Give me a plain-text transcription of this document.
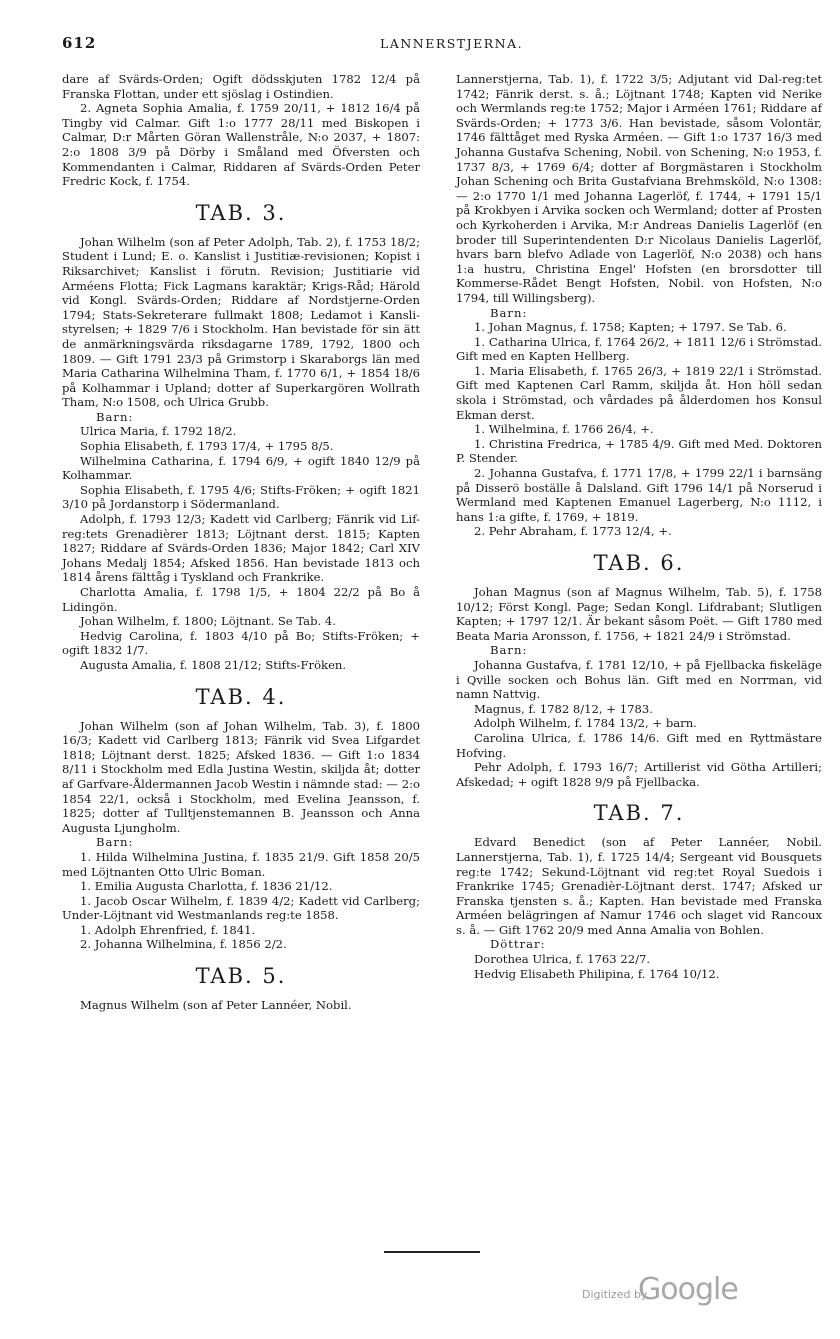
612	LANNERSTJERNA.

dare af Svärds-Orden; Ogift dödsskjuten 1782 12/4 på Franska Flottan, under ett sjöslag i Ostindien.

2. Agneta Sophia Amalia, f. 1759 20/11, + 1812 16/4 på Tingby vid Calmar. Gift 1:o 1777 28/11 med Biskopen i Calmar, D:r Mårten Göran Wallenstråle, N:o 2037, + 1807: 2:o 1808 3/9 på Dörby i Småland med Öfversten och Kommendanten i Calmar, Riddaren af Svärds-Orden Peter Fredric Kock, f. 1754.

TAB. 3.

Johan Wilhelm (son af Peter Adolph, Tab. 2), f. 1753 18/2; Student i Lund; E. o. Kanslist i Justitiæ-revisionen; Kopist i Riksarchivet; Kanslist i förutn. Revision; Justitiarie vid Arméens Flotta; Fick Lagmans karaktär; Krigs-Råd; Härold vid Kongl. Svärds-Orden; Riddare af Nordstjerne-Orden 1794; Stats-Sekreterare fullmakt 1808; Ledamot i Kansli-styrelsen; + 1829 7/6 i Stockholm. Han bevistade för sin ätt de anmärkningsvärda riksdagarne 1789, 1792, 1800 och 1809. — Gift 1791 23/3 på Grimstorp i Skaraborgs län med Maria Catharina Wilhelmina Tham, f. 1770 6/1, + 1854 18/6 på Kolhammar i Upland; dotter af Superkargören Wollrath Tham, N:o 1508, och Ulrica Grubb.

Barn:

Ulrica Maria, f. 1792 18/2.

Sophia Elisabeth, f. 1793 17/4, + 1795 8/5.

Wilhelmina Catharina, f. 1794 6/9, + ogift 1840 12/9 på Kolhammar.

Sophia Elisabeth, f. 1795 4/6; Stifts-Fröken; + ogift 1821 3/10 på Jordanstorp i Södermanland.

Adolph, f. 1793 12/3; Kadett vid Carlberg; Fänrik vid Lif-reg:tets Grenadièrer 1813; Löjtnant derst. 1815; Kapten 1827; Riddare af Svärds-Orden 1836; Major 1842; Carl XIV Johans Medalj 1854; Afsked 1856. Han bevistade 1813 och 1814 årens fälttåg i Tyskland och Frankrike.

Charlotta Amalia, f. 1798 1/5, + 1804 22/2 på Bo å Lidingön.

Johan Wilhelm, f. 1800; Löjtnant. Se Tab. 4.

Hedvig Carolina, f. 1803 4/10 på Bo; Stifts-Fröken; + ogift 1832 1/7.

Augusta Amalia, f. 1808 21/12; Stifts-Fröken.

TAB. 4.

Johan Wilhelm (son af Johan Wilhelm, Tab. 3), f. 1800 16/3; Kadett vid Carlberg 1813; Fänrik vid Svea Lifgardet 1818; Löjtnant derst. 1825; Afsked 1836. — Gift 1:o 1834 8/11 i Stockholm med Edla Justina Westin, skiljda åt; dotter af Garfvare-Åldermannen Jacob Westin i nämnde stad: — 2:o 1854 22/1, också i Stockholm, med Evelina Jeansson, f. 1825; dotter af Tulltjenstemannen B. Jeansson och Anna Augusta Ljungholm.

Barn:

1. Hilda Wilhelmina Justina, f. 1835 21/9. Gift 1858 20/5 med Löjtnanten Otto Ulric Boman.

1. Emilia Augusta Charlotta, f. 1836 21/12.

1. Jacob Oscar Wilhelm, f. 1839 4/2; Kadett vid Carlberg; Under-Löjtnant vid Westmanlands reg:te 1858.

1. Adolph Ehrenfried, f. 1841.

2. Johanna Wilhelmina, f. 1856 2/2.

TAB. 5.

Magnus Wilhelm (son af Peter Lannéer, Nobil.

Lannerstjerna, Tab. 1), f. 1722 3/5; Adjutant vid Dal-reg:tet 1742; Fänrik derst. s. å.; Löjtnant 1748; Kapten vid Nerike och Wermlands reg:te 1752; Major i Arméen 1761; Riddare af Svärds-Orden; + 1773 3/6. Han bevistade, såsom Volontär, 1746 fälttåget med Ryska Arméen. — Gift 1:o 1737 16/3 med Johanna Gustafva Schening, Nobil. von Schening, N:o 1953, f. 1737 8/3, + 1769 6/4; dotter af Borgmästaren i Stockholm Johan Schening och Brita Gustafviana Brehmsköld, N:o 1308: — 2:o 1770 1/1 med Johanna Lagerlöf, f. 1744, + 1791 15/1 på Krokbyen i Arvika socken och Wermland; dotter af Prosten och Kyrkoherden i Arvika, M:r Andreas Danielis Lagerlöf (en broder till Superintendenten D:r Nicolaus Danielis Lagerlöf, hvars barn blefvo Adlade von Lagerlöf, N:o 2038) och hans 1:a hustru, Christina Engel' Hofsten (en brorsdotter till Kommerse-Rådet Bengt Hofsten, Nobil. von Hofsten, N:o 1794, till Willingsberg).

Barn:

1. Johan Magnus, f. 1758; Kapten; + 1797. Se Tab. 6.

1. Catharina Ulrica, f. 1764 26/2, + 1811 12/6 i Strömstad. Gift med en Kapten Hellberg.

1. Maria Elisabeth, f. 1765 26/3, + 1819 22/1 i Strömstad. Gift med Kaptenen Carl Ramm, skiljda åt. Hon höll sedan skola i Strömstad, och vårdades på ålderdomen hos Konsul Ekman derst.

1. Wilhelmina, f. 1766 26/4, +.

1. Christina Fredrica, + 1785 4/9. Gift med Med. Doktoren P. Stender.

2. Johanna Gustafva, f. 1771 17/8, + 1799 22/1 i barnsäng på Disserö boställe å Dalsland. Gift 1796 14/1 på Norserud i Wermland med Kaptenen Emanuel Lagerberg, N:o 1112, i hans 1:a gifte, f. 1769, + 1819.

2. Pehr Abraham, f. 1773 12/4, +.

TAB. 6.

Johan Magnus (son af Magnus Wilhelm, Tab. 5), f. 1758 10/12; Först Kongl. Page; Sedan Kongl. Lifdrabant; Slutligen Kapten; + 1797 12/1. Är bekant såsom Poët. — Gift 1780 med Beata Maria Aronsson, f. 1756, + 1821 24/9 i Strömstad.

Barn:

Johanna Gustafva, f. 1781 12/10, + på Fjellbacka fiskeläge i Qville socken och Bohus län. Gift med en Norrman, vid namn Nattvig.

Magnus, f. 1782 8/12, + 1783.

Adolph Wilhelm, f. 1784 13/2, + barn.

Carolina Ulrica, f. 1786 14/6. Gift med en Ryttmästare Hofving.

Pehr Adolph, f. 1793 16/7; Artillerist vid Götha Artilleri; Afskedad; + ogift 1828 9/9 på Fjellbacka.

TAB. 7.

Edvard Benedict (son af Peter Lannéer, Nobil. Lannerstjerna, Tab. 1), f. 1725 14/4; Sergeant vid Bousquets reg:te 1742; Sekund-Löjtnant vid reg:tet Royal Suedois i Frankrike 1745; Grenadièr-Löjtnant derst. 1747; Afsked ur Franska tjensten s. å.; Kapten. Han bevistade med Franska Arméen belägringen af Namur 1746 och slaget vid Rancoux s. å. — Gift 1762 20/9 med Anna Amalia von Bohlen.

Döttrar:

Dorothea Ulrica, f. 1763 22/7.

Hedvig Elisabeth Philipina, f. 1764 10/12.

Digitized by
Google
